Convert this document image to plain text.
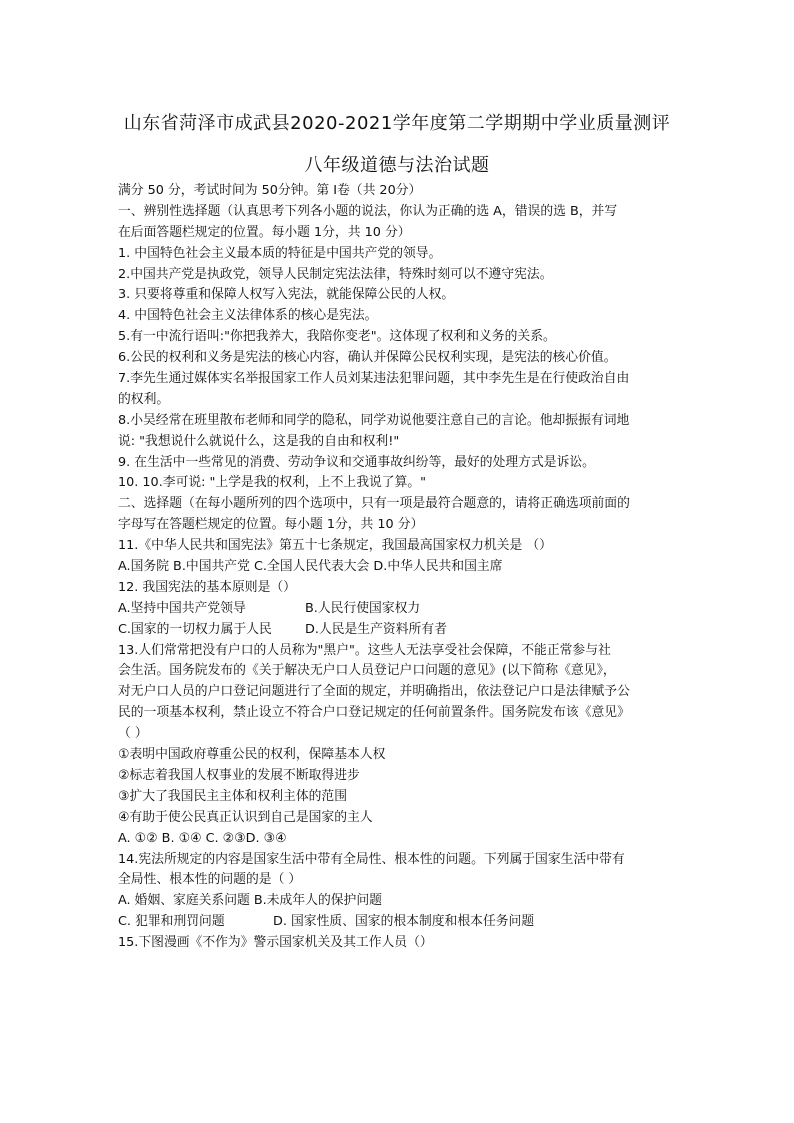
山东省菏泽市成武县2020-2021学年度第二学期期中学业质量测评
八年级道德与法治试题
满分 50 分，考试时间为 50分钟。第 I卷（共 20分）
一、辨别性选择题（认真思考下列各小题的说法，你认为正确的选 A，错误的选 B，并写
在后面答题栏规定的位置。每小题 1分，共 10 分）
1. 中国特色社会主义最本质的特征是中国共产党的领导。
2.中国共产党是执政党，领导人民制定宪法法律，特殊时刻可以不遵守宪法。
3. 只要将尊重和保障人权写入宪法，就能保障公民的人权。
4. 中国特色社会主义法律体系的核心是宪法。
5.有一中流行语叫:"你把我养大，我陪你变老"。这体现了权利和义务的关系。
6.公民的权利和义务是宪法的核心内容，确认并保障公民权利实现，是宪法的核心价值。
7.李先生通过媒体实名举报国家工作人员刘某违法犯罪问题，其中李先生是在行使政治自由
的权利。
8.小吴经常在班里散布老师和同学的隐私，同学劝说他要注意自己的言论。他却振振有词地
说: "我想说什么就说什么，这是我的自由和权利!"
9. 在生活中一些常见的消费、劳动争议和交通事故纠纷等，最好的处理方式是诉讼。
10. 10.李可说: "上学是我的权利，上不上我说了算。"
二、选择题（在每小题所列的四个选项中，只有一项是最符合题意的，请将正确选项前面的
字母写在答题栏规定的位置。每小题 1分，共 10 分）
11.《中华人民共和国宪法》第五十七条规定，我国最高国家权力机关是 （）
A.国务院 B.中国共产党 C.全国人民代表大会 D.中华人民共和国主席
12. 我国宪法的基本原则是（）
A.坚持中国共产党领导	B.人民行使国家权力
C.国家的一切权力属于人民	D.人民是生产资料所有者
13.人们常常把没有户口的人员称为"黑户"。这些人无法享受社会保障，不能正常参与社
会生活。国务院发布的《关于解决无户口人员登记户口问题的意见》(以下简称《意见》，
对无户口人员的户口登记问题进行了全面的规定，并明确指出，依法登记户口是法律赋予公
民的一项基本权利，禁止设立不符合户口登记规定的任何前置条件。国务院发布该《意见》
（ ）
①表明中国政府尊重公民的权利，保障基本人权
②标志着我国人权事业的发展不断取得进步
③扩大了我国民主主体和权利主体的范围
④有助于使公民真正认识到自己是国家的主人
A. ①② B. ①④ C. ②③D. ③④
14.宪法所规定的内容是国家生活中带有全局性、根本性的问题。下列属于国家生活中带有
全局性、根本性的问题的是（ ）
A. 婚姻、家庭关系问题 B.未成年人的保护问题
C. 犯罪和刑罚问题	D. 国家性质、国家的根本制度和根本任务问题
15.下图漫画《不作为》警示国家机关及其工作人员（）
